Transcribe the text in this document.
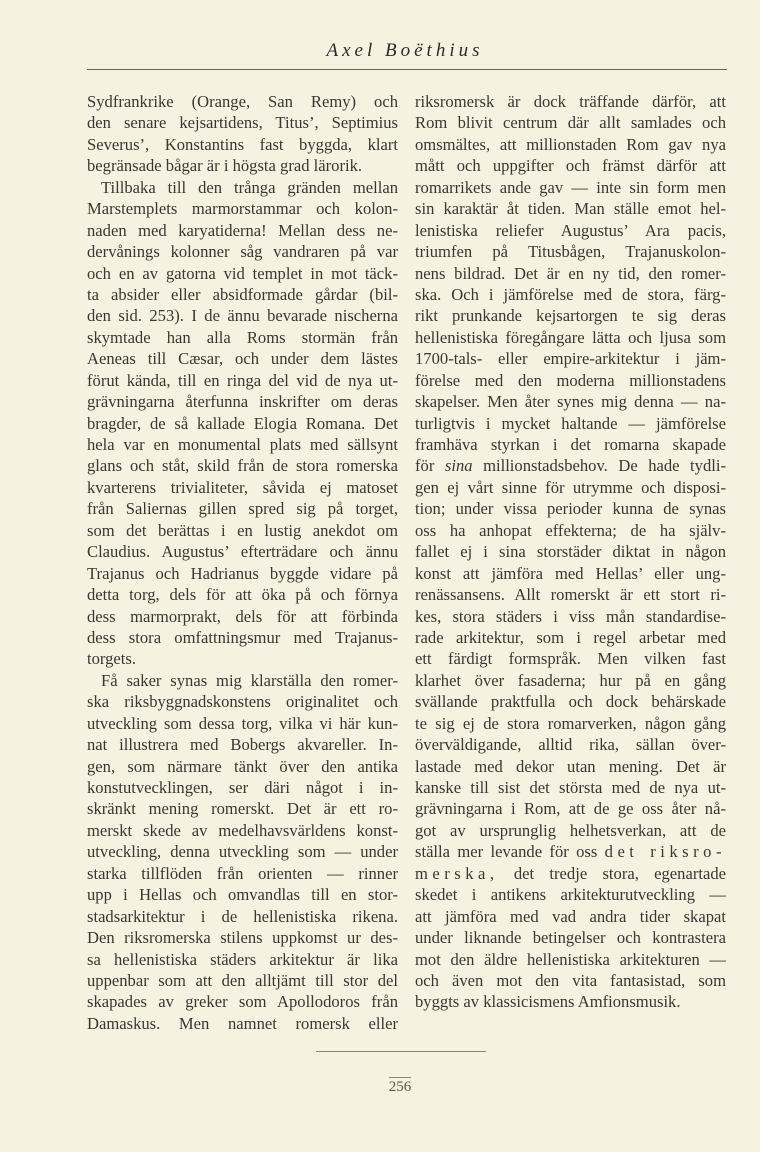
Axel Boëthius
Sydfrankrike (Orange, San Remy) och
den senare kejsartidens, Titus’, Septimius
Severus’, Konstantins fast byggda, klart
begränsade bågar är i högsta grad lärorik.
Tillbaka till den trånga gränden mellan
Marstemplets marmorstammar och kolon-
naden med karyatiderna! Mellan dess ne-
dervånings kolonner såg vandraren på var
och en av gatorna vid templet in mot täck-
ta absider eller absidformade gårdar (bil-
den sid. 253). I de ännu bevarade nischerna
skymtade han alla Roms stormän från
Aeneas till Cæsar, och under dem lästes
förut kända, till en ringa del vid de nya ut-
grävningarna återfunna inskrifter om deras
bragder, de så kallade Elogia Romana. Det
hela var en monumental plats med sällsynt
glans och ståt, skild från de stora romerska
kvarterens trivialiteter, såvida ej matoset
från Saliernas gillen spred sig på torget,
som det berättas i en lustig anekdot om
Claudius. Augustus’ efterträdare och ännu
Trajanus och Hadrianus byggde vidare på
detta torg, dels för att öka på och förnya
dess marmorprakt, dels för att förbinda
dess stora omfattningsmur med Trajanus-
torgets.
Få saker synas mig klarställa den romer-
ska riksbyggnadskonstens originalitet och
utveckling som dessa torg, vilka vi här kun-
nat illustrera med Bobergs akvareller. In-
gen, som närmare tänkt över den antika
konstutvecklingen, ser däri något i in-
skränkt mening romerskt. Det är ett ro-
merskt skede av medelhavsvärldens konst-
utveckling, denna utveckling som — under
starka tillflöden från orienten — rinner
upp i Hellas och omvandlas till en stor-
stadsarkitektur i de hellenistiska rikena.
Den riksromerska stilens uppkomst ur des-
sa hellenistiska städers arkitektur är lika
uppenbar som att den alltjämt till stor del
skapades av greker som Apollodoros från
Damaskus. Men namnet romersk eller
riksromersk är dock träffande därför, att
Rom blivit centrum där allt samlades och
omsmältes, att millionstaden Rom gav nya
mått och uppgifter och främst därför att
romarrikets ande gav — inte sin form men
sin karaktär åt tiden. Man ställe emot hel-
lenistiska reliefer Augustus’ Ara pacis,
triumfen på Titusbågen, Trajanuskolon-
nens bildrad. Det är en ny tid, den romer-
ska. Och i jämförelse med de stora, färg-
rikt prunkande kejsartorgen te sig deras
hellenistiska föregångare lätta och ljusa som
1700-tals- eller empire-arkitektur i jäm-
förelse med den moderna millionstadens
skapelser. Men åter synes mig denna — na-
turligtvis i mycket haltande — jämförelse
framhäva styrkan i det romarna skapade
för sina millionstadsbehov. De hade tydli-
gen ej vårt sinne för utrymme och disposi-
tion; under vissa perioder kunna de synas
oss ha anhopat effekterna; de ha själv-
fallet ej i sina storstäder diktat in någon
konst att jämföra med Hellas’ eller ung-
renässansens. Allt romerskt är ett stort ri-
kes, stora städers i viss mån standardise-
rade arkitektur, som i regel arbetar med
ett färdigt formspråk. Men vilken fast
klarhet över fasaderna; hur på en gång
svällande praktfulla och dock behärskade
te sig ej de stora romarverken, någon gång
överväldigande, alltid rika, sällan över-
lastade med dekor utan mening. Det är
kanske till sist det största med de nya ut-
grävningarna i Rom, att de ge oss åter nå-
got av ursprunglig helhetsverkan, att de
ställa mer levande för oss det riksro-
merska, det tredje stora, egenartade
skedet i antikens arkitekturutveckling —
att jämföra med vad andra tider skapat
under liknande betingelser och kontrastera
mot den äldre hellenistiska arkitekturen —
och även mot den vita fantasistad, som
byggts av klassicismens Amfionsmusik.
256
